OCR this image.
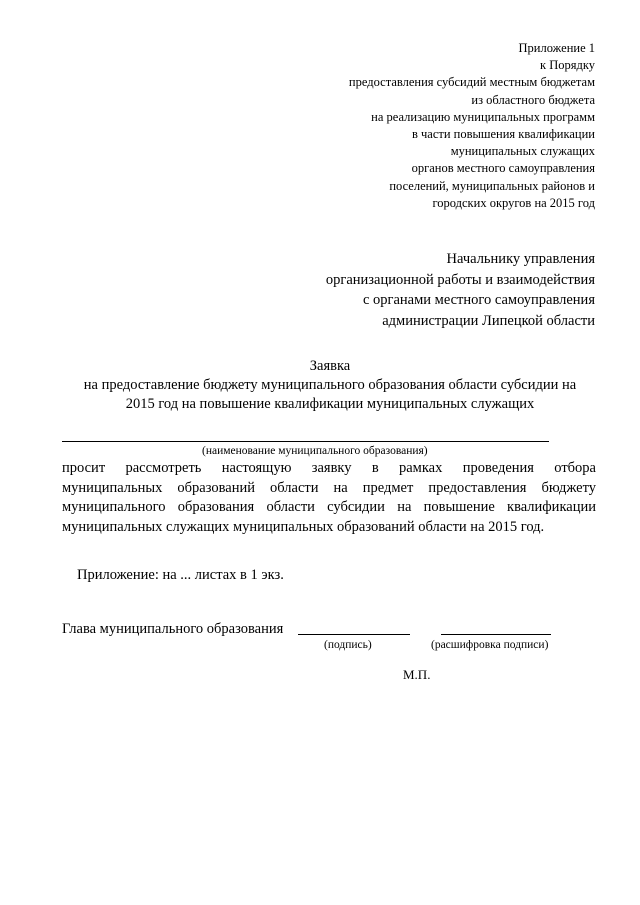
Приложение 1
к Порядку
предоставления субсидий местным бюджетам
из областного бюджета
на реализацию муниципальных программ
в части повышения квалификации
муниципальных служащих
органов местного самоуправления
поселений, муниципальных районов и
городских округов на 2015 год
Начальнику управления
организационной работы и взаимодействия
с органами местного самоуправления
администрации Липецкой области
Заявка
на предоставление бюджету муниципального образования области субсидии на
2015 год на повышение квалификации муниципальных служащих
(наименование муниципального образования)
просит рассмотреть настоящую заявку в рамках проведения отбора
муниципальных образований области на предмет предоставления бюджету
муниципального образования области субсидии на повышение квалификации
муниципальных служащих муниципальных образований области на 2015 год.
Приложение: на ... листах в 1 экз.
Глава муниципального образования
(подпись)	(расшифровка подписи)
М.П.
